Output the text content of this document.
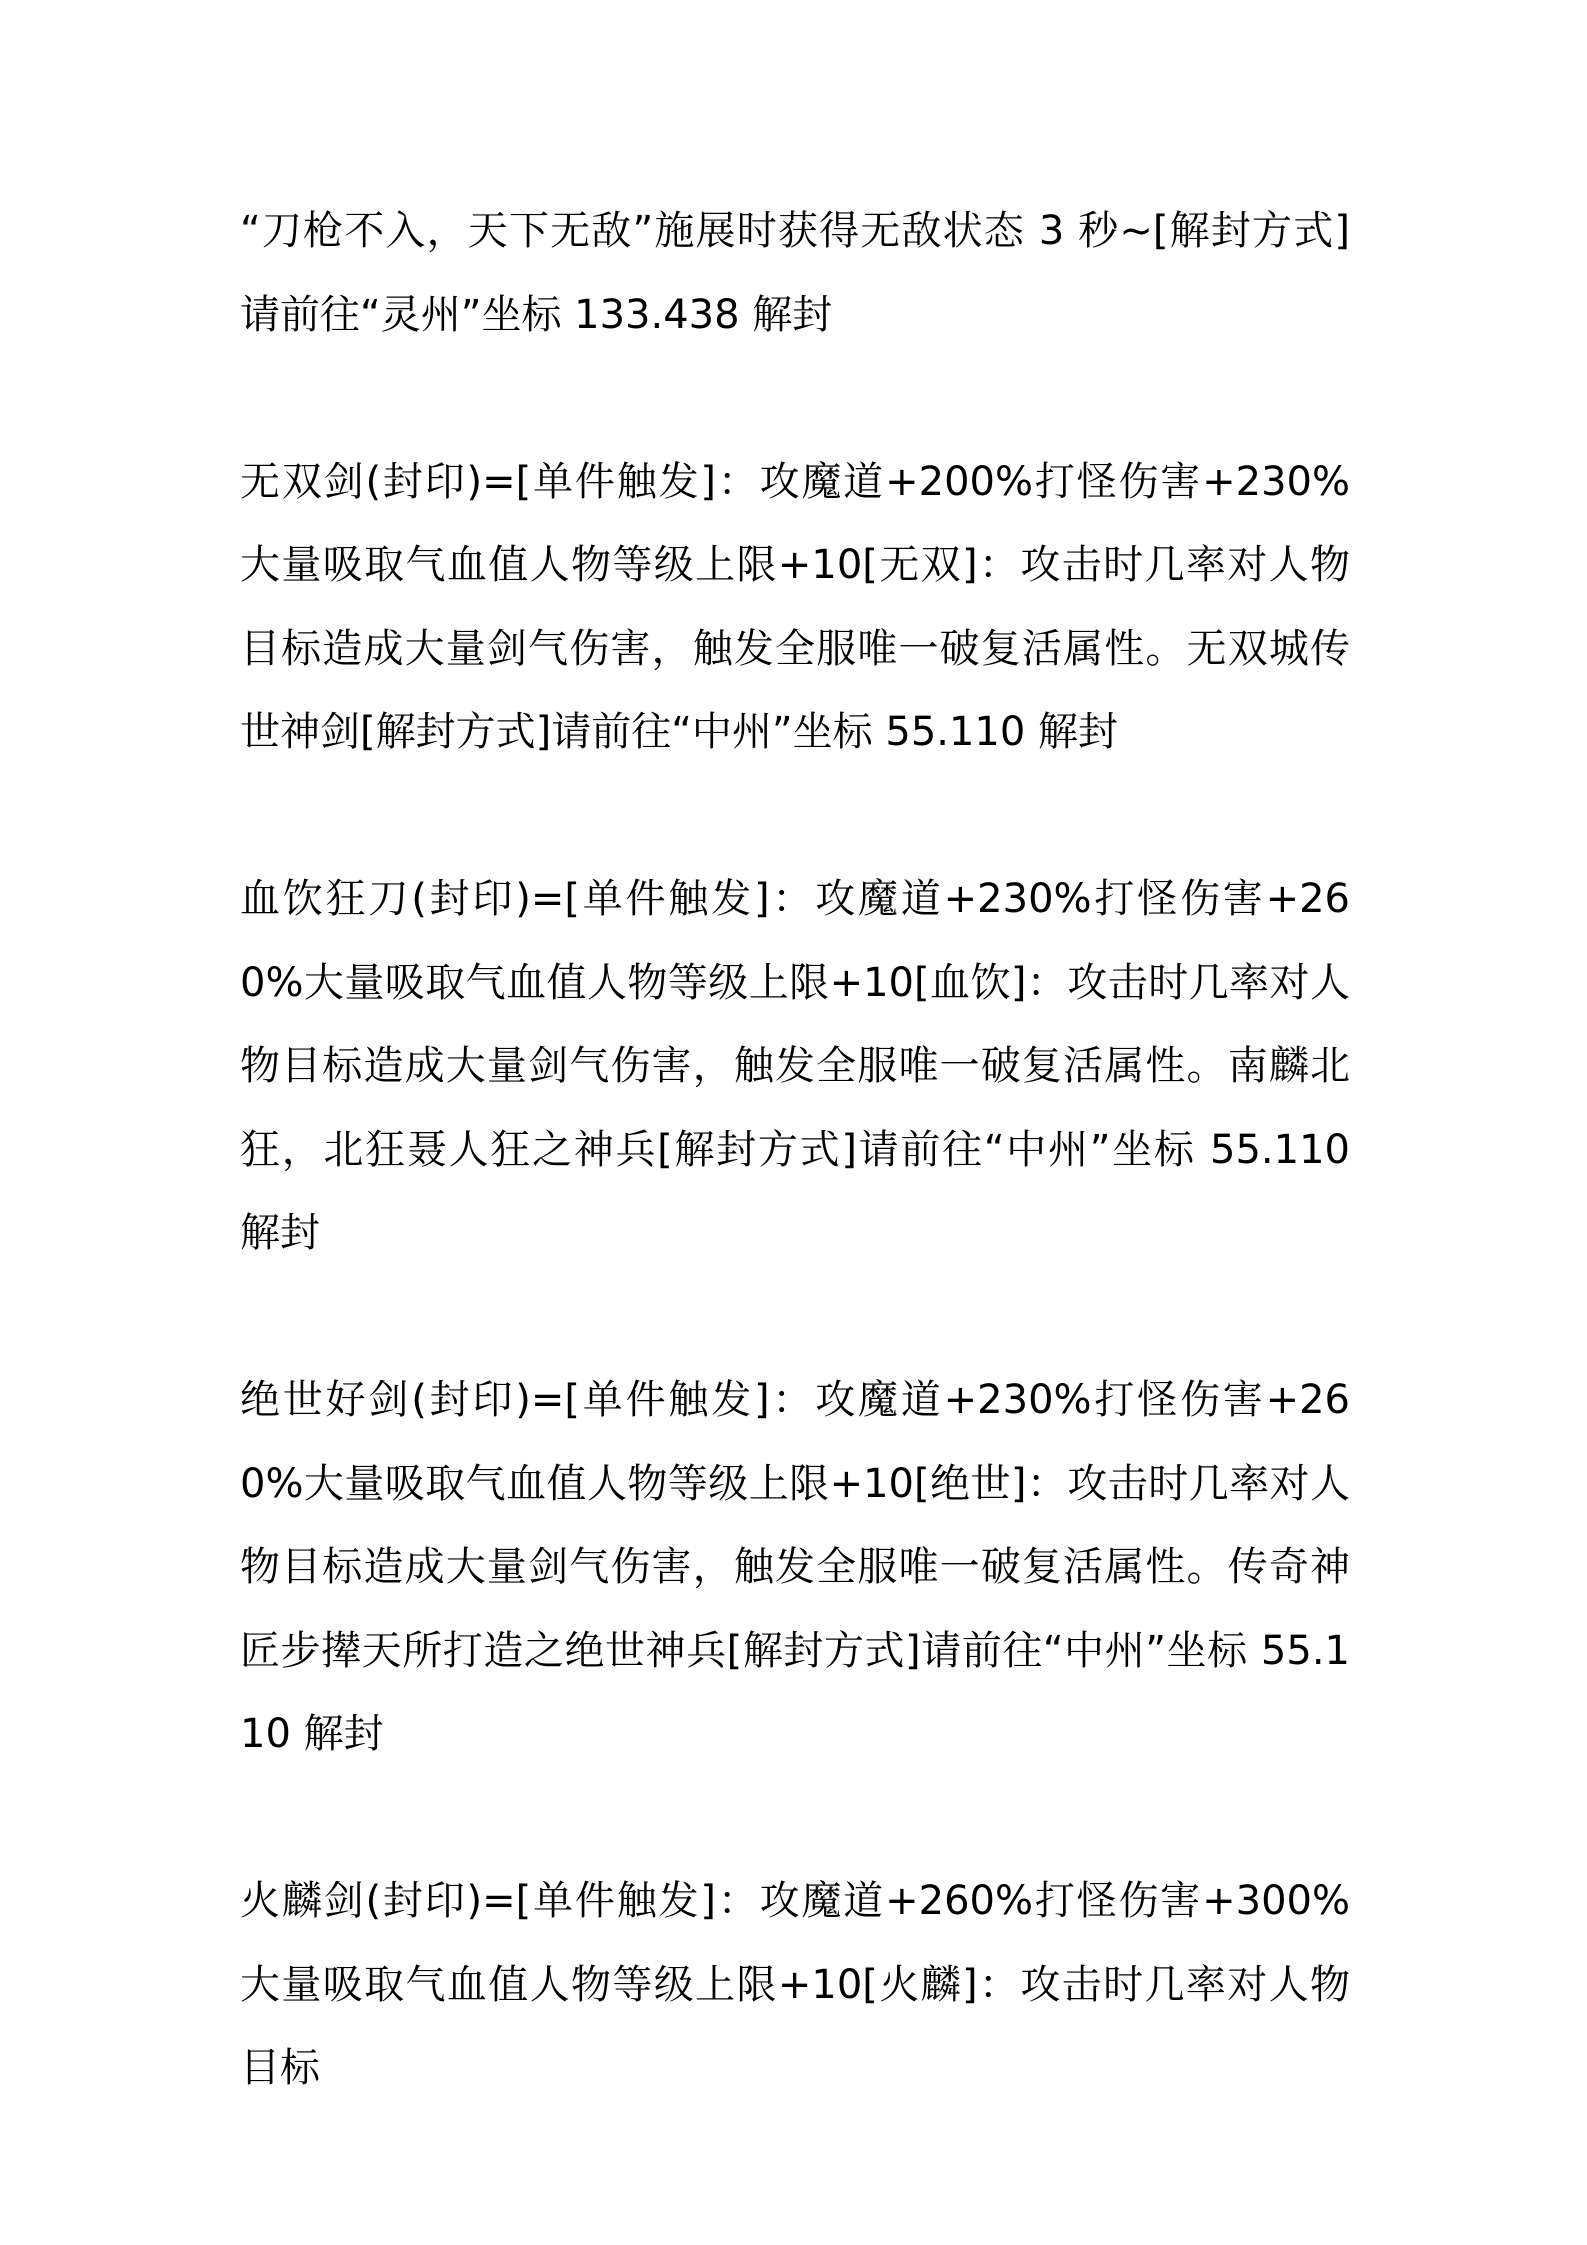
“刀枪不入，天下无敌”施展时获得无敌状态 3 秒~[解封方式]请前往“灵州”坐标 133.438 解封

无双剑(封印)=[单件触发]：攻魔道+200%打怪伤害+230%大量吸取气血值人物等级上限+10[无双]：攻击时几率对人物目标造成大量剑气伤害，触发全服唯一破复活属性。无双城传世神剑[解封方式]请前往“中州”坐标 55.110 解封

血饮狂刀(封印)=[单件触发]：攻魔道+230%打怪伤害+260%大量吸取气血值人物等级上限+10[血饮]：攻击时几率对人物目标造成大量剑气伤害，触发全服唯一破复活属性。南麟北狂，北狂聂人狂之神兵[解封方式]请前往“中州”坐标 55.110 解封

绝世好剑(封印)=[单件触发]：攻魔道+230%打怪伤害+260%大量吸取气血值人物等级上限+10[绝世]：攻击时几率对人物目标造成大量剑气伤害，触发全服唯一破复活属性。传奇神匠步撵天所打造之绝世神兵[解封方式]请前往“中州”坐标 55.110 解封

火麟剑(封印)=[单件触发]：攻魔道+260%打怪伤害+300%大量吸取气血值人物等级上限+10[火麟]：攻击时几率对人物目标
